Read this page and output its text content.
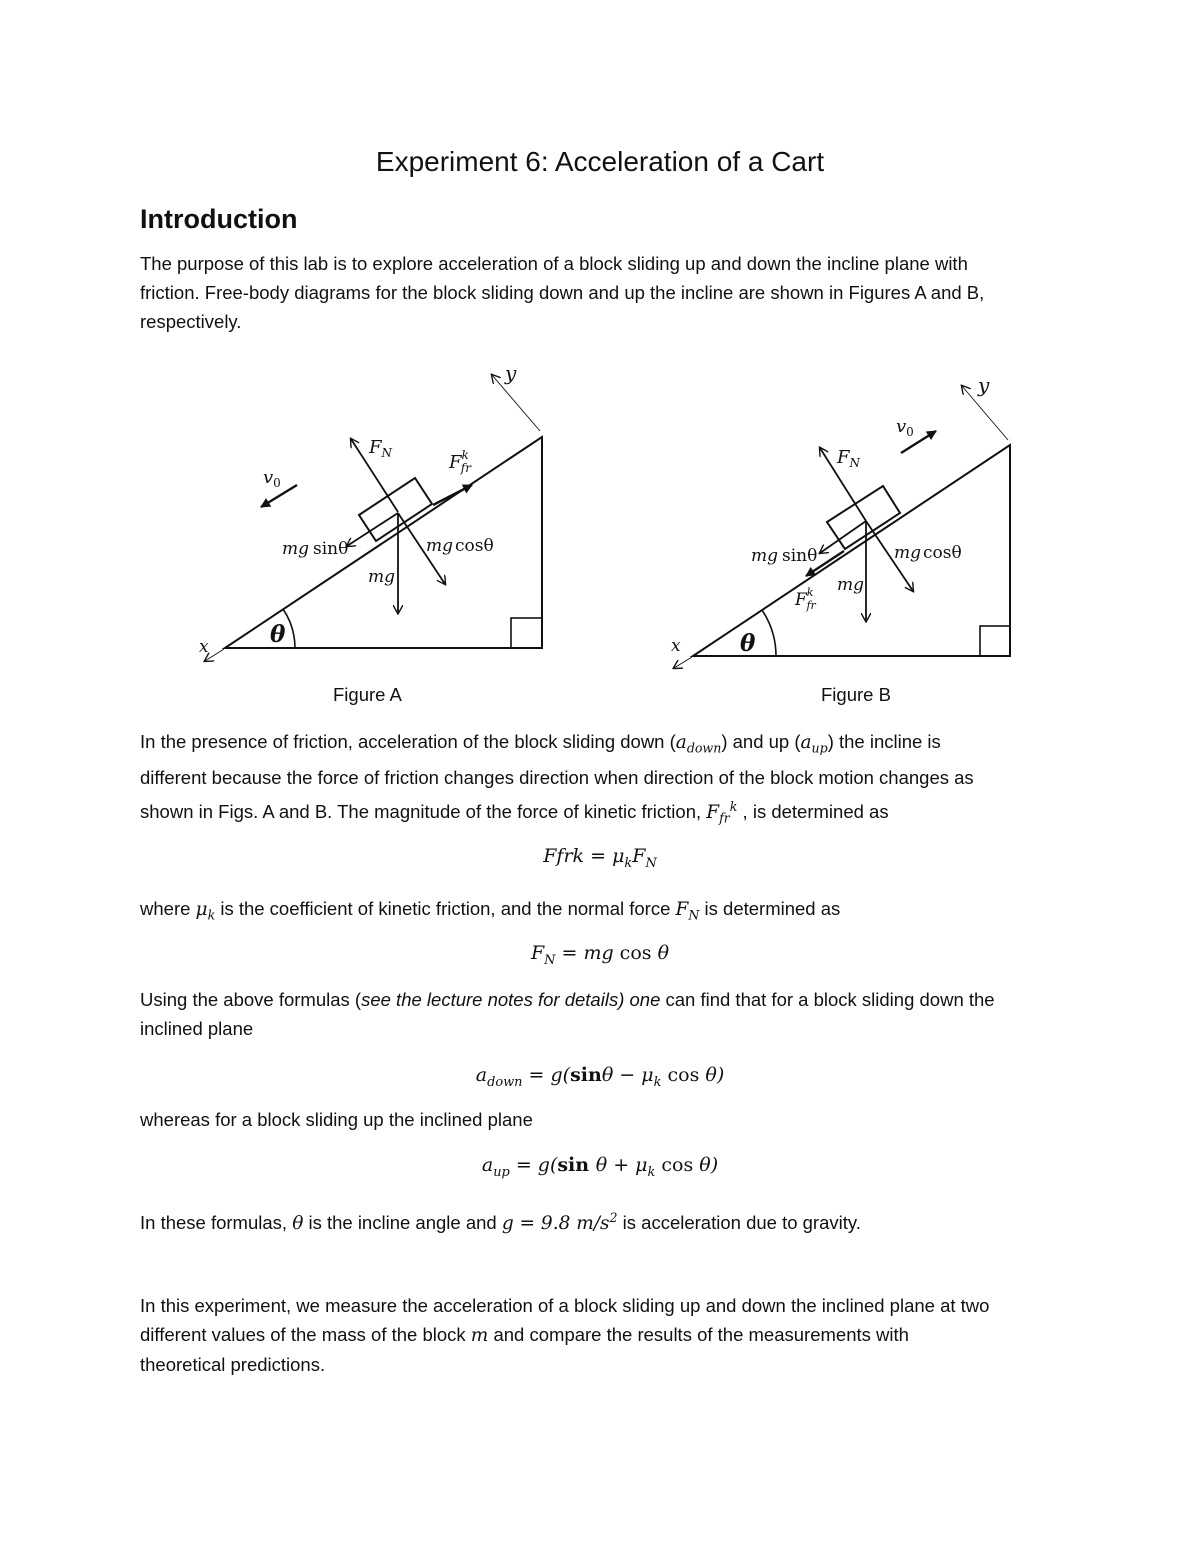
Experiment 6: Acceleration of a Cart
Introduction

The purpose of this lab is to explore acceleration of a block sliding up and down the incline plane with
friction. Free-body diagrams for the block sliding down and up the incline are shown in Figures A and B,
respectively.

y
x
$F_N$	$F^k$ fr
$v_0$
mg sinθ	mg cosθ
mg
θ
y
x
$F_N$
$v_0$
mg sinθ	mg cosθ
mg
$F^k$ fr
θ
Figure A	Figure B

In the presence of friction, acceleration of the block sliding down $(a_{down})$ and up $(a_{up})$ the incline is
different because the force of friction changes direction when direction of the block motion changes as
shown in Figs. A and B. The magnitude of the force of kinetic friction, $F_{fr}^k$ , is determined as

Ffrk = $\mu_kF_N$

where $\mu_k$ is the coefficient of kinetic friction, and the normal force $F_N$ is determined as

$F_N$ = mg cos θ

Using the above formulas (see the lecture notes for details) one can find that for a block sliding down the
inclined plane

$a_{down} = g(\sin\theta - \mu_k$ cos θ)

whereas for a block sliding up the inclined plane

$a_{up} = g(\sin$ $\theta + \mu_k$ cos θ)

In these formulas, θ is the incline angle and g = 9.8 $m/s^2$ is acceleration due to gravity.

In this experiment, we measure the acceleration of a block sliding up and down the inclined plane at two
different values of the mass of the block m and compare the results of the measurements with
theoretical predictions.
